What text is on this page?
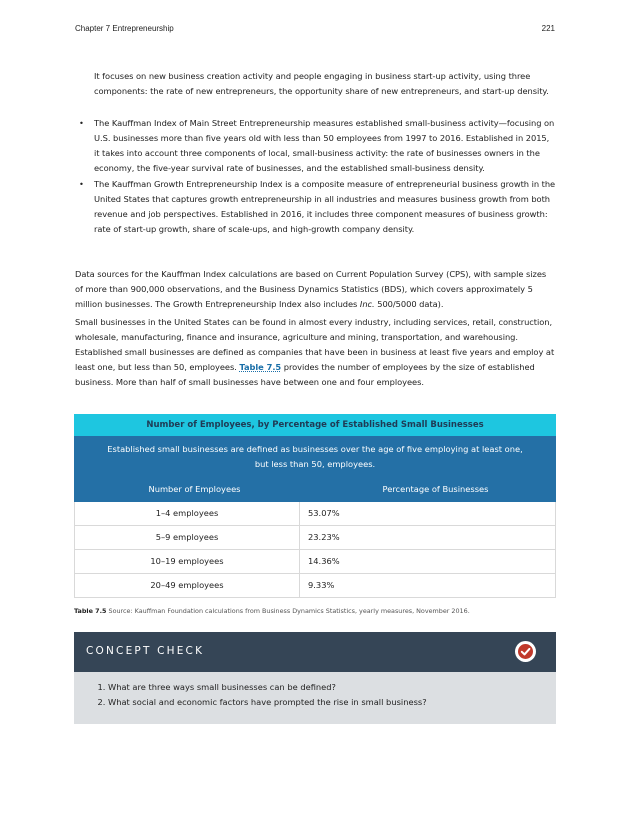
Chapter 7 Entrepreneurship	221

It focuses on new business creation activity and people engaging in business start-up activity, using three components: the rate of new entrepreneurs, the opportunity share of new entrepreneurs, and start-up density.

• The Kauffman Index of Main Street Entrepreneurship measures established small-business activity—focusing on U.S. businesses more than five years old with less than 50 employees from 1997 to 2016. Established in 2015, it takes into account three components of local, small-business activity: the rate of businesses owners in the economy, the five-year survival rate of businesses, and the established small-business density.
• The Kauffman Growth Entrepreneurship Index is a composite measure of entrepreneurial business growth in the United States that captures growth entrepreneurship in all industries and measures business growth from both revenue and job perspectives. Established in 2016, it includes three component measures of business growth: rate of start-up growth, share of scale-ups, and high-growth company density.

Data sources for the Kauffman Index calculations are based on Current Population Survey (CPS), with sample sizes of more than 900,000 observations, and the Business Dynamics Statistics (BDS), which covers approximately 5 million businesses. The Growth Entrepreneurship Index also includes Inc. 500/5000 data).

Small businesses in the United States can be found in almost every industry, including services, retail, construction, wholesale, manufacturing, finance and insurance, agriculture and mining, transportation, and warehousing. Established small businesses are defined as companies that have been in business at least five years and employ at least one, but less than 50, employees. Table 7.5 provides the number of employees by the size of established business. More than half of small businesses have between one and four employees.

Number of Employees, by Percentage of Established Small Businesses
Established small businesses are defined as businesses over the age of five employing at least one, but less than 50, employees.
Number of Employees	Percentage of Businesses
1–4 employees	53.07%
5–9 employees	23.23%
10–19 employees	14.36%
20–49 employees	9.33%
Table 7.5 Source: Kauffman Foundation calculations from Business Dynamics Statistics, yearly measures, November 2016.
CONCEPT CHECK
1. What are three ways small businesses can be defined?
2. What social and economic factors have prompted the rise in small business?
